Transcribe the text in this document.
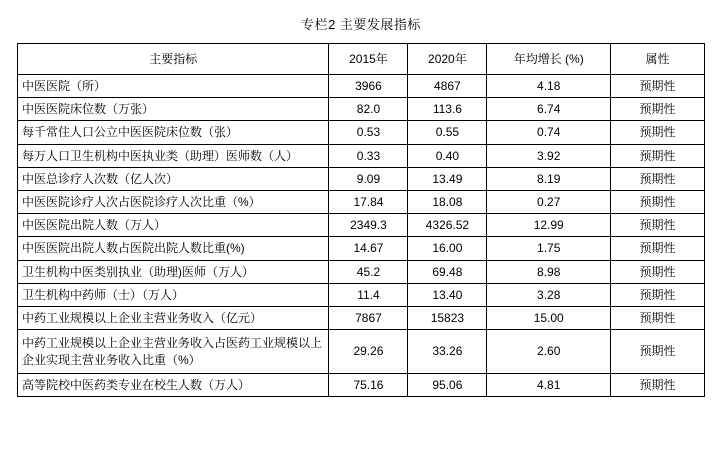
专栏2 主要发展指标
主要指标	2015年	2020年	年均增长 (%)	属性
中医医院（所）	3966	4867	4.18	预期性
中医医院床位数（万张）	82.0	113.6	6.74	预期性
每千常住人口公立中医医院床位数（张）	0.53	0.55	0.74	预期性
每万人口卫生机构中医执业类（助理）医师数（人）	0.33	0.40	3.92	预期性
中医总诊疗人次数（亿人次）	9.09	13.49	8.19	预期性
中医医院诊疗人次占医院诊疗人次比重（%）	17.84	18.08	0.27	预期性
中医医院出院人数（万人）	2349.3	4326.52	12.99	预期性
中医医院出院人数占医院出院人数比重(%)	14.67	16.00	1.75	预期性
卫生机构中医类别执业（助理)医师（万人）	45.2	69.48	8.98	预期性
卫生机构中药师（士）（万人）	11.4	13.40	3.28	预期性
中药工业规模以上企业主营业务收入（亿元）	7867	15823	15.00	预期性
中药工业规模以上企业主营业务收入占医药工业规模以上企业实现主营业务收入比重（%）	29.26	33.26	2.60	预期性
高等院校中医药类专业在校生人数（万人）	75.16	95.06	4.81	预期性
